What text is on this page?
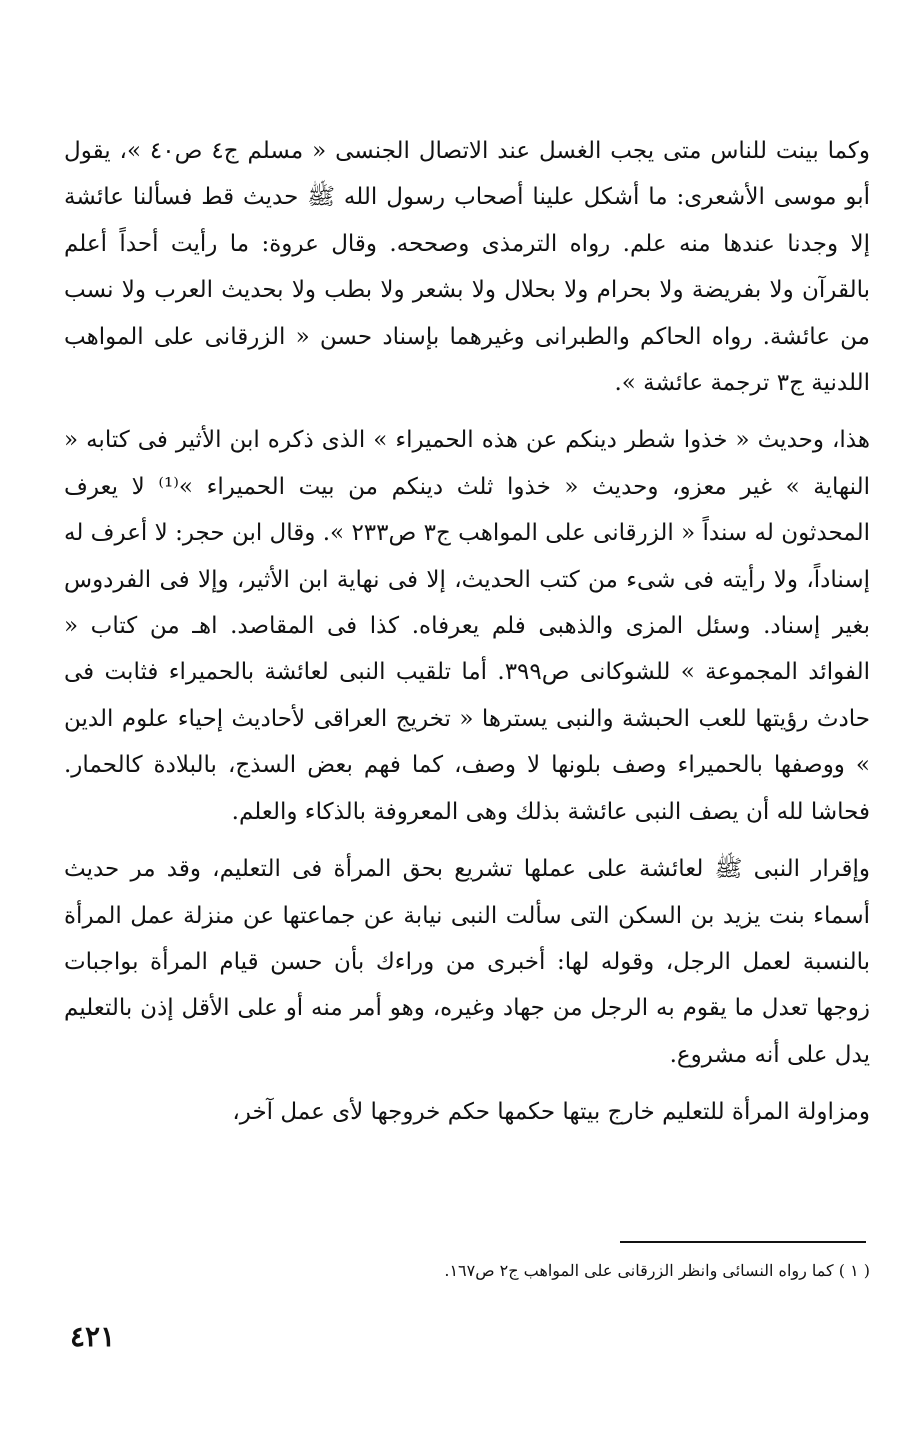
وكما بينت للناس متى يجب الغسل عند الاتصال الجنسى « مسلم ج٤ ص٤٠ »، يقول أبو موسى الأشعرى: ما أشكل علينا أصحاب رسول الله ﷺ حديث قط فسألنا عائشة إلا وجدنا عندها منه علم. رواه الترمذى وصححه. وقال عروة: ما رأيت أحداً أعلم بالقرآن ولا بفريضة ولا بحرام ولا بحلال ولا بشعر ولا بطب ولا بحديث العرب ولا نسب من عائشة. رواه الحاكم والطبرانى وغيرهما بإسناد حسن « الزرقانى على المواهب اللدنية ج٣ ترجمة عائشة ».

هذا، وحديث « خذوا شطر دينكم عن هذه الحميراء » الذى ذكره ابن الأثير فى كتابه « النهاية » غير معزو، وحديث « خذوا ثلث دينكم من بيت الحميراء »⁽¹⁾ لا يعرف المحدثون له سنداً « الزرقانى على المواهب ج٣ ص٢٣٣ ». وقال ابن حجر: لا أعرف له إسناداً، ولا رأيته فى شىء من كتب الحديث، إلا فى نهاية ابن الأثير، وإلا فى الفردوس بغير إسناد. وسئل المزى والذهبى فلم يعرفاه. كذا فى المقاصد. اهـ من كتاب « الفوائد المجموعة » للشوكانى ص٣٩٩. أما تلقيب النبى لعائشة بالحميراء فثابت فى حادث رؤيتها للعب الحبشة والنبى يسترها « تخريج العراقى لأحاديث إحياء علوم الدين » ووصفها بالحميراء وصف بلونها لا وصف، كما فهم بعض السذج، بالبلادة كالحمار. فحاشا لله أن يصف النبى عائشة بذلك وهى المعروفة بالذكاء والعلم.

وإقرار النبى ﷺ لعائشة على عملها تشريع بحق المرأة فى التعليم، وقد مر حديث أسماء بنت يزيد بن السكن التى سألت النبى نيابة عن جماعتها عن منزلة عمل المرأة بالنسبة لعمل الرجل، وقوله لها: أخبرى من وراءك بأن حسن قيام المرأة بواجبات زوجها تعدل ما يقوم به الرجل من جهاد وغيره، وهو أمر منه أو على الأقل إذن بالتعليم يدل على أنه مشروع.

ومزاولة المرأة للتعليم خارج بيتها حكمها حكم خروجها لأى عمل آخر،

( ١ ) كما رواه النسائى وانظر الزرقانى على المواهب ج٢ ص١٦٧.
٤٢١
